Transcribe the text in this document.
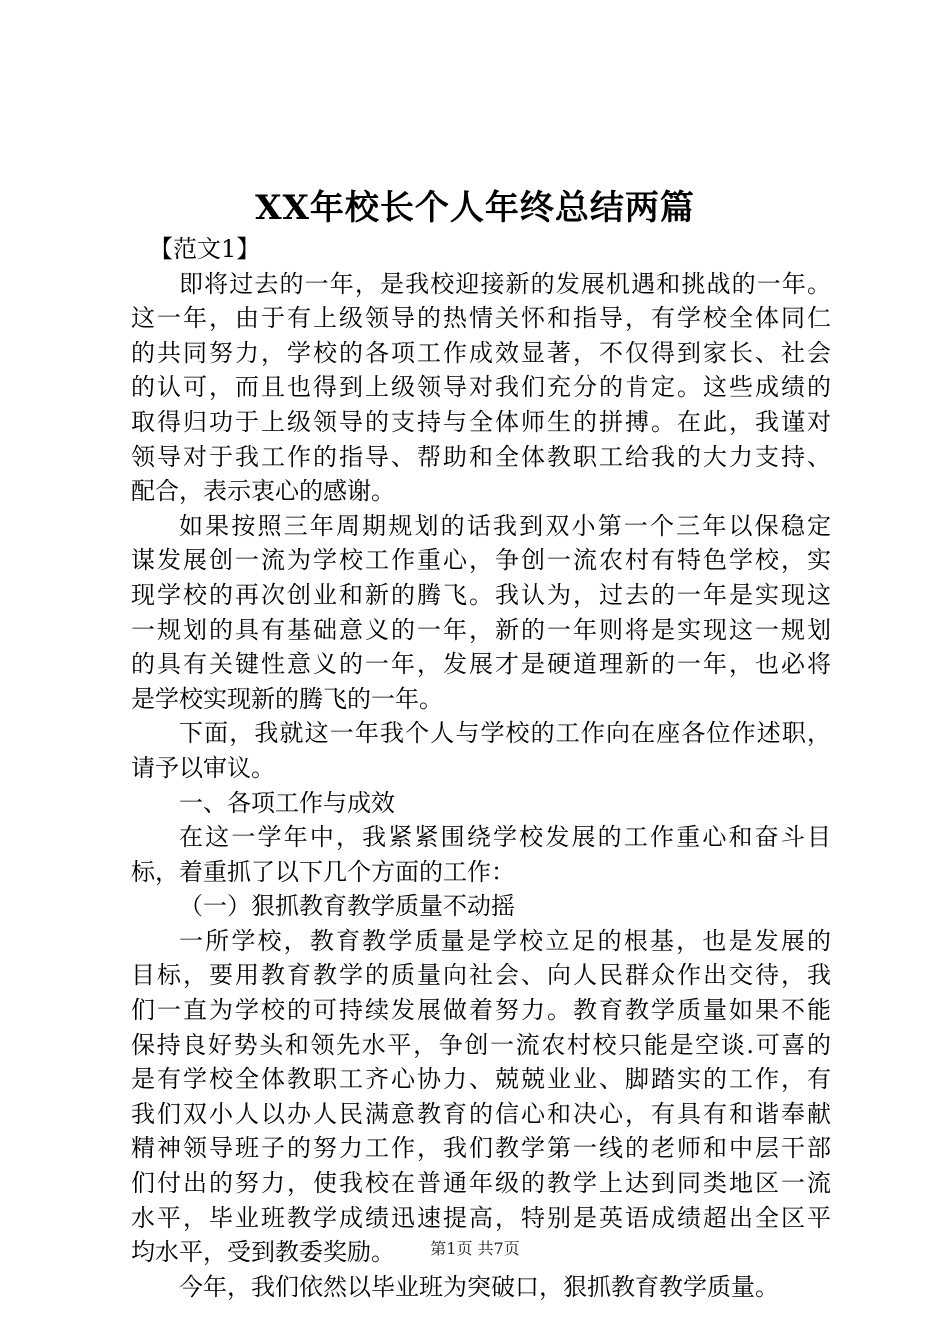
XX年校长个人年终总结两篇
【范文1】
即将过去的一年，是我校迎接新的发展机遇和挑战的一年。
这一年，由于有上级领导的热情关怀和指导，有学校全体同仁
的共同努力，学校的各项工作成效显著，不仅得到家长、社会
的认可，而且也得到上级领导对我们充分的肯定。这些成绩的
取得归功于上级领导的支持与全体师生的拼搏。在此，我谨对
领导对于我工作的指导、帮助和全体教职工给我的大力支持、
配合，表示衷心的感谢。
如果按照三年周期规划的话我到双小第一个三年以保稳定
谋发展创一流为学校工作重心，争创一流农村有特色学校，实
现学校的再次创业和新的腾飞。我认为，过去的一年是实现这
一规划的具有基础意义的一年，新的一年则将是实现这一规划
的具有关键性意义的一年，发展才是硬道理新的一年，也必将
是学校实现新的腾飞的一年。
下面，我就这一年我个人与学校的工作向在座各位作述职，
请予以审议。
一、各项工作与成效
在这一学年中，我紧紧围绕学校发展的工作重心和奋斗目
标，着重抓了以下几个方面的工作：
（一）狠抓教育教学质量不动摇
一所学校，教育教学质量是学校立足的根基，也是发展的
目标，要用教育教学的质量向社会、向人民群众作出交待，我
们一直为学校的可持续发展做着努力。教育教学质量如果不能
保持良好势头和领先水平，争创一流农村校只能是空谈.可喜的
是有学校全体教职工齐心协力、兢兢业业、脚踏实的工作，有
我们双小人以办人民满意教育的信心和决心，有具有和谐奉献
精神领导班子的努力工作，我们教学第一线的老师和中层干部
们付出的努力，使我校在普通年级的教学上达到同类地区一流
水平，毕业班教学成绩迅速提高，特别是英语成绩超出全区平
均水平，受到教委奖励。
今年，我们依然以毕业班为突破口，狠抓教育教学质量。
第1页 共7页
